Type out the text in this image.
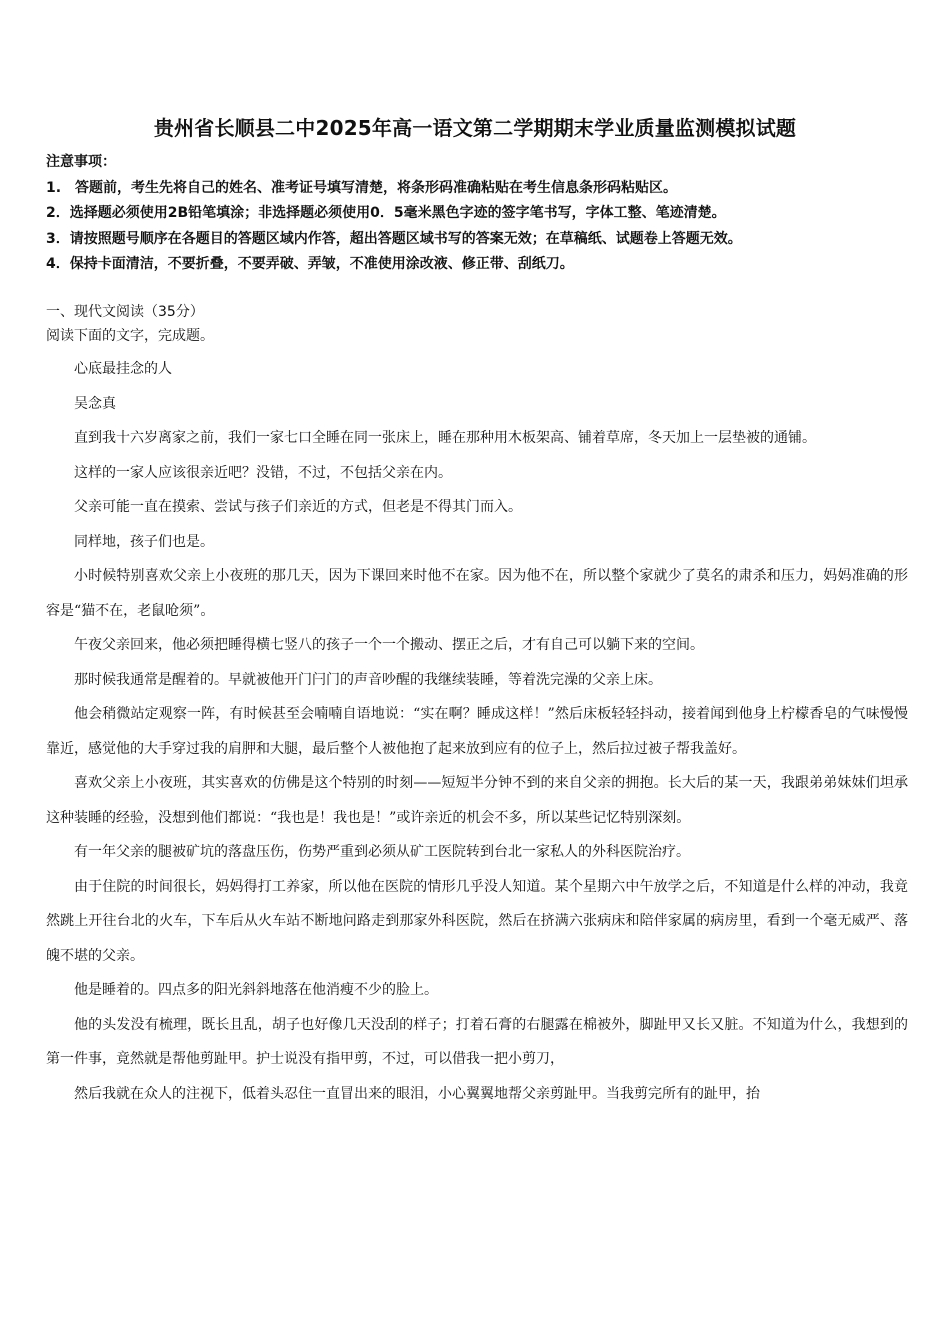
贵州省长顺县二中2025年高一语文第二学期期末学业质量监测模拟试题
注意事项：
1.　答题前，考生先将自己的姓名、准考证号填写清楚，将条形码准确粘贴在考生信息条形码粘贴区。
2．选择题必须使用2B铅笔填涂；非选择题必须使用0．5毫米黑色字迹的签字笔书写，字体工整、笔迹清楚。
3．请按照题号顺序在各题目的答题区域内作答，超出答题区域书写的答案无效；在草稿纸、试题卷上答题无效。
4．保持卡面清洁，不要折叠，不要弄破、弄皱，不准使用涂改液、修正带、刮纸刀。
一、现代文阅读（35分）
阅读下面的文字，完成题。

心底最挂念的人

吴念真

直到我十六岁离家之前，我们一家七口全睡在同一张床上，睡在那种用木板架高、铺着草席，冬天加上一层垫被的通铺。

这样的一家人应该很亲近吧？没错，不过，不包括父亲在内。

父亲可能一直在摸索、尝试与孩子们亲近的方式，但老是不得其门而入。

同样地，孩子们也是。

小时候特别喜欢父亲上小夜班的那几天，因为下课回来时他不在家。因为他不在，所以整个家就少了莫名的肃杀和压力，妈妈准确的形容是“猫不在，老鼠呛须”。

午夜父亲回来，他必须把睡得横七竖八的孩子一个一个搬动、摆正之后，才有自己可以躺下来的空间。

那时候我通常是醒着的。早就被他开门闩门的声音吵醒的我继续装睡，等着洗完澡的父亲上床。

他会稍微站定观察一阵，有时候甚至会喃喃自语地说：“实在啊？睡成这样！”然后床板轻轻抖动，接着闻到他身上柠檬香皂的气味慢慢靠近，感觉他的大手穿过我的肩胛和大腿，最后整个人被他抱了起来放到应有的位子上，然后拉过被子帮我盖好。

喜欢父亲上小夜班，其实喜欢的仿佛是这个特别的时刻——短短半分钟不到的来自父亲的拥抱。长大后的某一天，我跟弟弟妹妹们坦承这种装睡的经验，没想到他们都说：“我也是！我也是！”或许亲近的机会不多，所以某些记忆特别深刻。

有一年父亲的腿被矿坑的落盘压伤，伤势严重到必须从矿工医院转到台北一家私人的外科医院治疗。

由于住院的时间很长，妈妈得打工养家，所以他在医院的情形几乎没人知道。某个星期六中午放学之后，不知道是什么样的冲动，我竟然跳上开往台北的火车，下车后从火车站不断地问路走到那家外科医院，然后在挤满六张病床和陪伴家属的病房里，看到一个毫无威严、落魄不堪的父亲。

他是睡着的。四点多的阳光斜斜地落在他消瘦不少的脸上。

他的头发没有梳理，既长且乱，胡子也好像几天没刮的样子；打着石膏的右腿露在棉被外，脚趾甲又长又脏。不知道为什么，我想到的第一件事，竟然就是帮他剪趾甲。护士说没有指甲剪，不过，可以借我一把小剪刀，

然后我就在众人的注视下，低着头忍住一直冒出来的眼泪，小心翼翼地帮父亲剪趾甲。当我剪完所有的趾甲，抬
